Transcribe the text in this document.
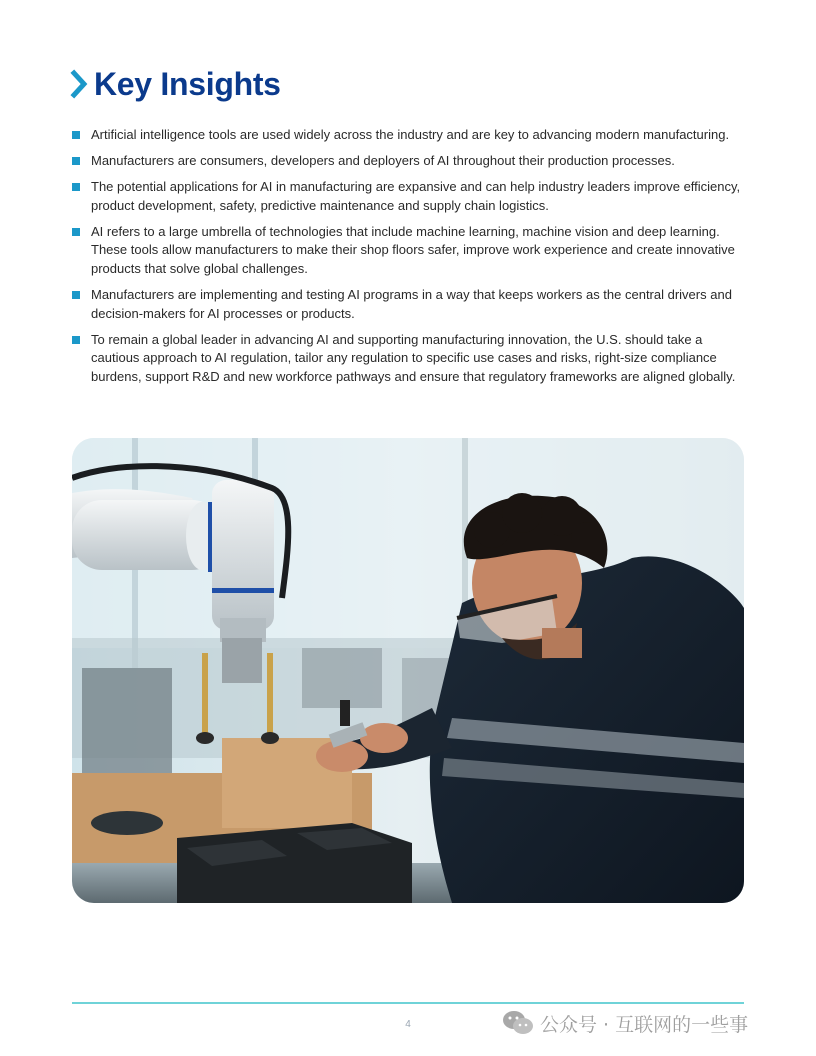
Key Insights
Artificial intelligence tools are used widely across the industry and are key to advancing modern manufacturing.
Manufacturers are consumers, developers and deployers of AI throughout their production processes.
The potential applications for AI in manufacturing are expansive and can help industry leaders improve efficiency, product development, safety, predictive maintenance and supply chain logistics.
AI refers to a large umbrella of technologies that include machine learning, machine vision and deep learning. These tools allow manufacturers to make their shop floors safer, improve work experience and create innovative products that solve global challenges.
Manufacturers are implementing and testing AI programs in a way that keeps workers as the central drivers and decision-makers for AI processes or products.
To remain a global leader in advancing AI and supporting manufacturing innovation, the U.S. should take a cautious approach to AI regulation, tailor any regulation to specific use cases and risks, right-size compliance burdens, support R&D and new workforce pathways and ensure that regulatory frameworks are aligned globally.
4	公众号 · 互联网的一些事
